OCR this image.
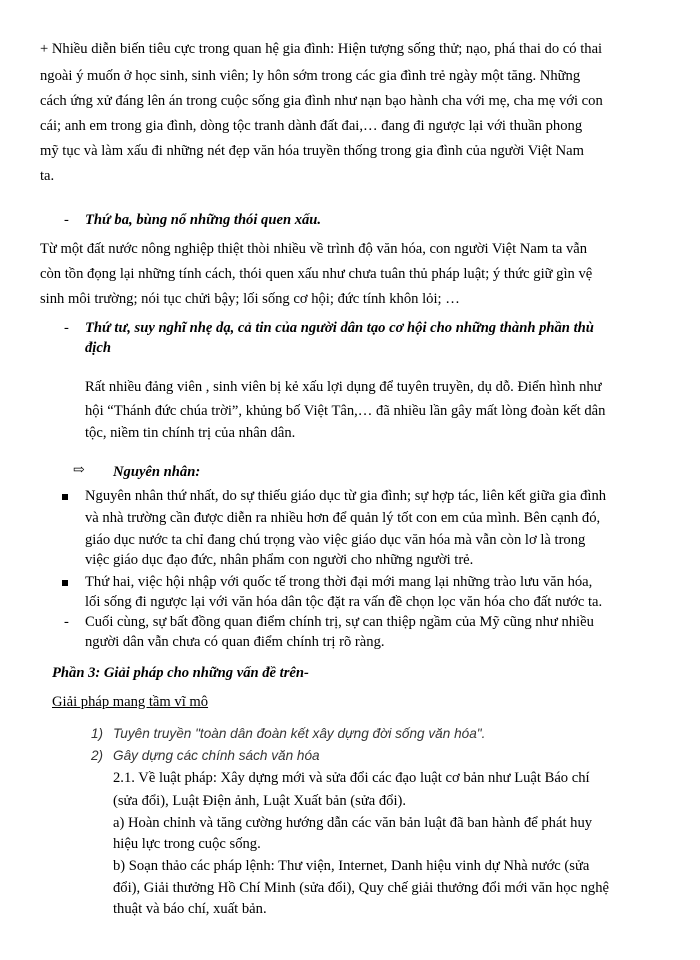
+ Nhiều diễn biến tiêu cực trong quan hệ gia đình: Hiện tượng sống thử; nạo, phá thai do có thai
ngoài ý muốn ở học sinh, sinh viên; ly hôn sớm trong các gia đình trẻ ngày một tăng. Những
cách ứng xử đáng lên án trong cuộc sống gia đình như nạn bạo hành cha với mẹ, cha mẹ với con
cái; anh em trong gia đình, dòng tộc tranh dành đất đai,… đang đi ngược lại với thuần phong
mỹ tục và làm xấu đi những nét đẹp văn hóa truyền thống trong gia đình của người Việt Nam
ta.
- Thứ ba, bùng nổ những thói quen xấu.
Từ một đất nước nông nghiệp thiệt thòi nhiều về trình độ văn hóa, con người Việt Nam ta vẫn
còn tồn đọng lại những tính cách, thói quen xấu như chưa tuân thủ pháp luật; ý thức giữ gìn vệ
sinh môi trường; nói tục chửi bậy; lối sống cơ hội; đức tính khôn lỏi; …
- Thứ tư, suy nghĩ nhẹ dạ, cả tin của người dân tạo cơ hội cho những thành phần thù
địch
Rất nhiều đảng viên , sinh viên bị kẻ xấu lợi dụng để tuyên truyền, dụ dỗ. Điển hình như
hội “Thánh đức chúa trời”, khủng bố Việt Tân,… đã nhiều lần gây mất lòng đoàn kết dân
tộc, niềm tin chính trị của nhân dân.
⇨ Nguyên nhân:
Nguyên nhân thứ nhất, do sự thiếu giáo dục từ gia đình; sự hợp tác, liên kết giữa gia đình
và nhà trường cần được diễn ra nhiều hơn để quản lý tốt con em của mình. Bên cạnh đó,
giáo dục nước ta chỉ đang chú trọng vào việc giáo dục văn hóa mà vẫn còn lơ là trong
việc giáo dục đạo đức, nhân phẩm con người cho những người trẻ.
Thứ hai, việc hội nhập với quốc tế trong thời đại mới mang lại những trào lưu văn hóa,
lối sống đi ngược lại với văn hóa dân tộc đặt ra vấn đề chọn lọc văn hóa cho đất nước ta.
- Cuối cùng, sự bất đồng quan điểm chính trị, sự can thiệp ngầm của Mỹ cũng như nhiều
người dân vẫn chưa có quan điểm chính trị rõ ràng.
Phần 3: Giải pháp cho những vấn đề trên-
Giải pháp mang tầm vĩ mô
1) Tuyên truyền "toàn dân đoàn kết xây dựng đời sống văn hóa".
2) Gây dựng các chính sách văn hóa
2.1. Về luật pháp: Xây dựng mới và sửa đổi các đạo luật cơ bản như Luật Báo chí
(sửa đổi), Luật Điện ảnh, Luật Xuất bản (sửa đổi).
a) Hoàn chỉnh và tăng cường hướng dẫn các văn bản luật đã ban hành để phát huy
hiệu lực trong cuộc sống.
b) Soạn thảo các pháp lệnh: Thư viện, Internet, Danh hiệu vinh dự Nhà nước (sửa
đổi), Giải thưởng Hồ Chí Minh (sửa đổi), Quy chế giải thưởng đổi mới văn học nghệ
thuật và báo chí, xuất bản.
